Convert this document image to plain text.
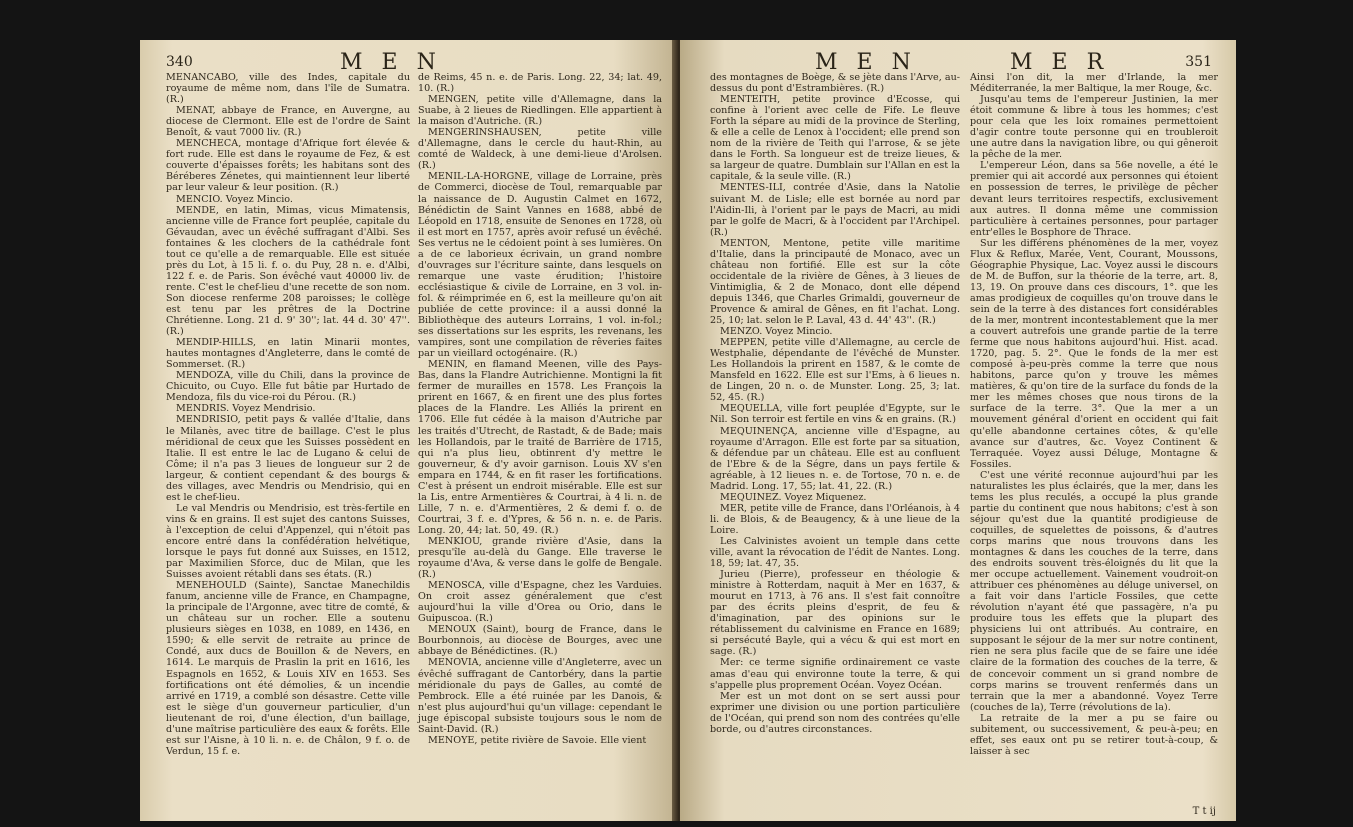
340	M E N

MENANCABO, ville des Indes, capitale du royaume de même nom, dans l'île de Sumatra. (R.)

MENAT, abbaye de France, en Auvergne, au diocese de Clermont. Elle est de l'ordre de Saint Benoît, & vaut 7000 liv. (R.)

MENCHECA, montage d'Afrique fort élevée & fort rude. Elle est dans le royaume de Fez, & est couverte d'épaisses forêts; les habitans sont des Béréberes Zénetes, qui maintiennent leur liberté par leur valeur & leur position. (R.)

MENCIO. Voyez Mincio.

MENDE, en latin, Mimas, vicus Mimatensis, ancienne ville de France fort peuplée, capitale du Gévaudan, avec un évêché suffragant d'Albi. Ses fontaines & les clochers de la cathédrale font tout ce qu'elle a de remarquable. Elle est située près du Lot, à 15 li. f. o. du Puy, 28 n. e. d'Albi, 122 f. e. de Paris. Son évêché vaut 40000 liv. de rente. C'est le chef-lieu d'une recette de son nom. Son diocese renferme 208 paroisses; le collège est tenu par les prêtres de la Doctrine Chrétienne. Long. 21 d. 9' 30''; lat. 44 d. 30' 47''. (R.)

MENDIP-HILLS, en latin Minarii montes, hautes montagnes d'Angleterre, dans le comté de Sommerset. (R.)

MENDOZA, ville du Chili, dans la province de Chicuito, ou Cuyo. Elle fut bâtie par Hurtado de Mendoza, fils du vice-roi du Pérou. (R.)

MENDRIS. Voyez Mendrisio.

MENDRISIO, petit pays & vallée d'Italie, dans le Milanès, avec titre de baillage. C'est le plus méridional de ceux que les Suisses possèdent en Italie. Il est entre le lac de Lugano & celui de Côme; il n'a pas 3 lieues de longueur sur 2 de largeur, & contient cependant & des bourgs & des villages, avec Mendris ou Mendrisio, qui en est le chef-lieu.

Le val Mendris ou Mendrisio, est très-fertile en vins & en grains. Il est sujet des cantons Suisses, à l'exception de celui d'Appenzel, qui n'étoit pas encore entré dans la confédération helvétique, lorsque le pays fut donné aux Suisses, en 1512, par Maximilien Sforce, duc de Milan, que les Suisses avoient rétabli dans ses états. (R.)

MENEHOULD (Sainte), Sanctae Manechildis fanum, ancienne ville de France, en Champagne, la principale de l'Argonne, avec titre de comté, & un château sur un rocher. Elle a soutenu plusieurs sièges en 1038, en 1089, en 1436, en 1590; & elle servit de retraite au prince de Condé, aux ducs de Bouillon & de Nevers, en 1614. Le marquis de Praslin la prit en 1616, les Espagnols en 1652, & Louis XIV en 1653. Ses fortifications ont été démolies, & un incendie arrivé en 1719, a comblé son désastre. Cette ville est le siège d'un gouverneur particulier, d'un lieutenant de roi, d'une élection, d'un baillage, d'une maîtrise particulière des eaux & forêts. Elle est sur l'Aisne, à 10 li. n. e. de Châlon, 9 f. o. de Verdun, 15 f. e.

de Reims, 45 n. e. de Paris. Long. 22, 34; lat. 49, 10. (R.)

MENGEN, petite ville d'Allemagne, dans la Suabe, à 2 lieues de Riedlingen. Elle appartient à la maison d'Autriche. (R.)

MENGERINSHAUSEN, petite ville d'Allemagne, dans le cercle du haut-Rhin, au comté de Waldeck, à une demi-lieue d'Arolsen. (R.)

MENIL-LA-HORGNE, village de Lorraine, près de Commerci, diocèse de Toul, remarquable par la naissance de D. Augustin Calmet en 1672, Bénédictin de Saint Vannes en 1688, abbé de Léopold en 1718, ensuite de Senones en 1728, où il est mort en 1757, après avoir refusé un évêché. Ses vertus ne le cédoient point à ses lumières. On a de ce laborieux écrivain, un grand nombre d'ouvrages sur l'écriture sainte, dans lesquels on remarque une vaste érudition; l'histoire ecclésiastique & civile de Lorraine, en 3 vol. in-fol. & réimprimée en 6, est la meilleure qu'on ait publiée de cette province: il a aussi donné la Bibliothèque des auteurs Lorrains, 1 vol. in-fol.; ses dissertations sur les esprits, les revenans, les vampires, sont une compilation de rêveries faites par un vieillard octogénaire. (R.)

MENIN, en flamand Meenen, ville des Pays-Bas, dans la Flandre Autrichienne. Montigni la fit fermer de murailles en 1578. Les François la prirent en 1667, & en firent une des plus fortes places de la Flandre. Les Alliés la prirent en 1706. Elle fut cédée à la maison d'Autriche par les traités d'Utrecht, de Rastadt, & de Bade; mais les Hollandois, par le traité de Barrière de 1715, qui n'a plus lieu, obtinrent d'y mettre le gouverneur, & d'y avoir garnison. Louis XV s'en empara en 1744, & en fit raser les fortifications. C'est à présent un endroit misérable. Elle est sur la Lis, entre Armentières & Courtrai, à 4 li. n. de Lille, 7 n. e. d'Armentières, 2 & demi f. o. de Courtrai, 3 f. e. d'Ypres, & 56 n. n. e. de Paris. Long. 20, 44; lat. 50, 49. (R.)

MENKIOU, grande rivière d'Asie, dans la presqu'île au-delà du Gange. Elle traverse le royaume d'Ava, & verse dans le golfe de Bengale. (R.)

MENOSCA, ville d'Espagne, chez les Varduies. On croit assez généralement que c'est aujourd'hui la ville d'Orea ou Orio, dans le Guipuscoa. (R.)

MENOUX (Saint), bourg de France, dans le Bourbonnois, au diocèse de Bourges, avec une abbaye de Bénédictines. (R.)

MENOVIA, ancienne ville d'Angleterre, avec un évêché suffragant de Cantorbéry, dans la partie méridionale du pays de Galles, au comté de Pembrock. Elle a été ruinée par les Danois, & n'est plus aujourd'hui qu'un village: cependant le juge épiscopal subsiste toujours sous le nom de Saint-David. (R.)

MENOYE, petite rivière de Savoie. Elle vient

M E N	M E R	351

des montagnes de Boège, & se jète dans l'Arve, au-dessus du pont d'Estrambières. (R.)

MENTEITH, petite province d'Ecosse, qui confine à l'orient avec celle de Fife. Le fleuve Forth la sépare au midi de la province de Sterling, & elle a celle de Lenox à l'occident; elle prend son nom de la rivière de Teith qui l'arrose, & se jète dans le Forth. Sa longueur est de treize lieues, & sa largeur de quatre. Dumblain sur l'Allan en est la capitale, & la seule ville. (R.)

MENTES-ILI, contrée d'Asie, dans la Natolie suivant M. de Lisle; elle est bornée au nord par l'Aidin-Ili, à l'orient par le pays de Macri, au midi par le golfe de Macri, & à l'occident par l'Archipel. (R.)

MENTON, Mentone, petite ville maritime d'Italie, dans la principauté de Monaco, avec un château non fortifié. Elle est sur la côte occidentale de la rivière de Gênes, à 3 lieues de Vintimiglia, & 2 de Monaco, dont elle dépend depuis 1346, que Charles Grimaldi, gouverneur de Provence & amiral de Gênes, en fit l'achat. Long. 25, 10; lat. selon le P. Laval, 43 d. 44' 43''. (R.)

MENZO. Voyez Mincio.

MEPPEN, petite ville d'Allemagne, au cercle de Westphalie, dépendante de l'évêché de Munster. Les Hollandois la prirent en 1587, & le comte de Mansfeld en 1622. Elle est sur l'Ems, à 6 lieues n. de Lingen, 20 n. o. de Munster. Long. 25, 3; lat. 52, 45. (R.)

MEQUELLA, ville fort peuplée d'Egypte, sur le Nil. Son terroir est fertile en vins & en grains. (R.)

MEQUINENÇA, ancienne ville d'Espagne, au royaume d'Arragon. Elle est forte par sa situation, & défendue par un château. Elle est au confluent de l'Ebre & de la Ségre, dans un pays fertile & agréable, à 12 lieues n. e. de Tortose, 70 n. e. de Madrid. Long. 17, 55; lat. 41, 22. (R.)

MEQUINEZ. Voyez Miquenez.

MER, petite ville de France, dans l'Orléanois, à 4 li. de Blois, & de Beaugency, & à une lieue de la Loire.

Les Calvinistes avoient un temple dans cette ville, avant la révocation de l'édit de Nantes. Long. 18, 59; lat. 47, 35.

Jurieu (Pierre), professeur en théologie & ministre à Rotterdam, naquit à Mer en 1637, & mourut en 1713, à 76 ans. Il s'est fait connoître par des écrits pleins d'esprit, de feu & d'imagination, par des opinions sur le rétablissement du calvinisme en France en 1689; si persécuté Bayle, qui a vécu & qui est mort en sage. (R.)

Mer: ce terme signifie ordinairement ce vaste amas d'eau qui environne toute la terre, & qui s'appelle plus proprement Océan. Voyez Océan.

Mer est un mot dont on se sert aussi pour exprimer une division ou une portion particulière de l'Océan, qui prend son nom des contrées qu'elle borde, ou d'autres circonstances.

Ainsi l'on dit, la mer d'Irlande, la mer Méditerranée, la mer Baltique, la mer Rouge, &c.

Jusqu'au tems de l'empereur Justinien, la mer étoit commune & libre à tous les hommes; c'est pour cela que les loix romaines permettoient d'agir contre toute personne qui en troubleroit une autre dans la navigation libre, ou qui gêneroit la pêche de la mer.

L'empereur Léon, dans sa 56e novelle, a été le premier qui ait accordé aux personnes qui étoient en possession de terres, le privilège de pêcher devant leurs territoires respectifs, exclusivement aux autres. Il donna même une commission particulière à certaines personnes, pour partager entr'elles le Bosphore de Thrace.

Sur les différens phénomènes de la mer, voyez Flux & Reflux, Marée, Vent, Courant, Moussons, Géographie Physique, Lac. Voyez aussi le discours de M. de Buffon, sur la théorie de la terre, art. 8, 13, 19. On prouve dans ces discours, 1°. que les amas prodigieux de coquilles qu'on trouve dans le sein de la terre à des distances fort considérables de la mer, montrent incontestablement que la mer a couvert autrefois une grande partie de la terre ferme que nous habitons aujourd'hui. Hist. acad. 1720, pag. 5. 2°. Que le fonds de la mer est composé à-peu-près comme la terre que nous habitons, parce qu'on y trouve les mêmes matières, & qu'on tire de la surface du fonds de la mer les mêmes choses que nous tirons de la surface de la terre. 3°. Que la mer a un mouvement général d'orient en occident qui fait qu'elle abandonne certaines côtes, & qu'elle avance sur d'autres, &c. Voyez Continent & Terraquée. Voyez aussi Déluge, Montagne & Fossiles.

C'est une vérité reconnue aujourd'hui par les naturalistes les plus éclairés, que la mer, dans les tems les plus reculés, a occupé la plus grande partie du continent que nous habitons; c'est à son séjour qu'est due la quantité prodigieuse de coquilles, de squelettes de poissons, & d'autres corps marins que nous trouvons dans les montagnes & dans les couches de la terre, dans des endroits souvent très-éloignés du lit que la mer occupe actuellement. Vainement voudroit-on attribuer ces phénomènes au déluge universel, on a fait voir dans l'article Fossiles, que cette révolution n'ayant été que passagère, n'a pu produire tous les effets que la plupart des physiciens lui ont attribués. Au contraire, en supposant le séjour de la mer sur notre continent, rien ne sera plus facile que de se faire une idée claire de la formation des couches de la terre, & de concevoir comment un si grand nombre de corps marins se trouvent renfermés dans un terrain que la mer a abandonné. Voyez Terre (couches de la), Terre (révolutions de la).

La retraite de la mer a pu se faire ou subitement, ou successivement, & peu-à-peu; en effet, ses eaux ont pu se retirer tout-à-coup, & laisser à sec

T t ij
